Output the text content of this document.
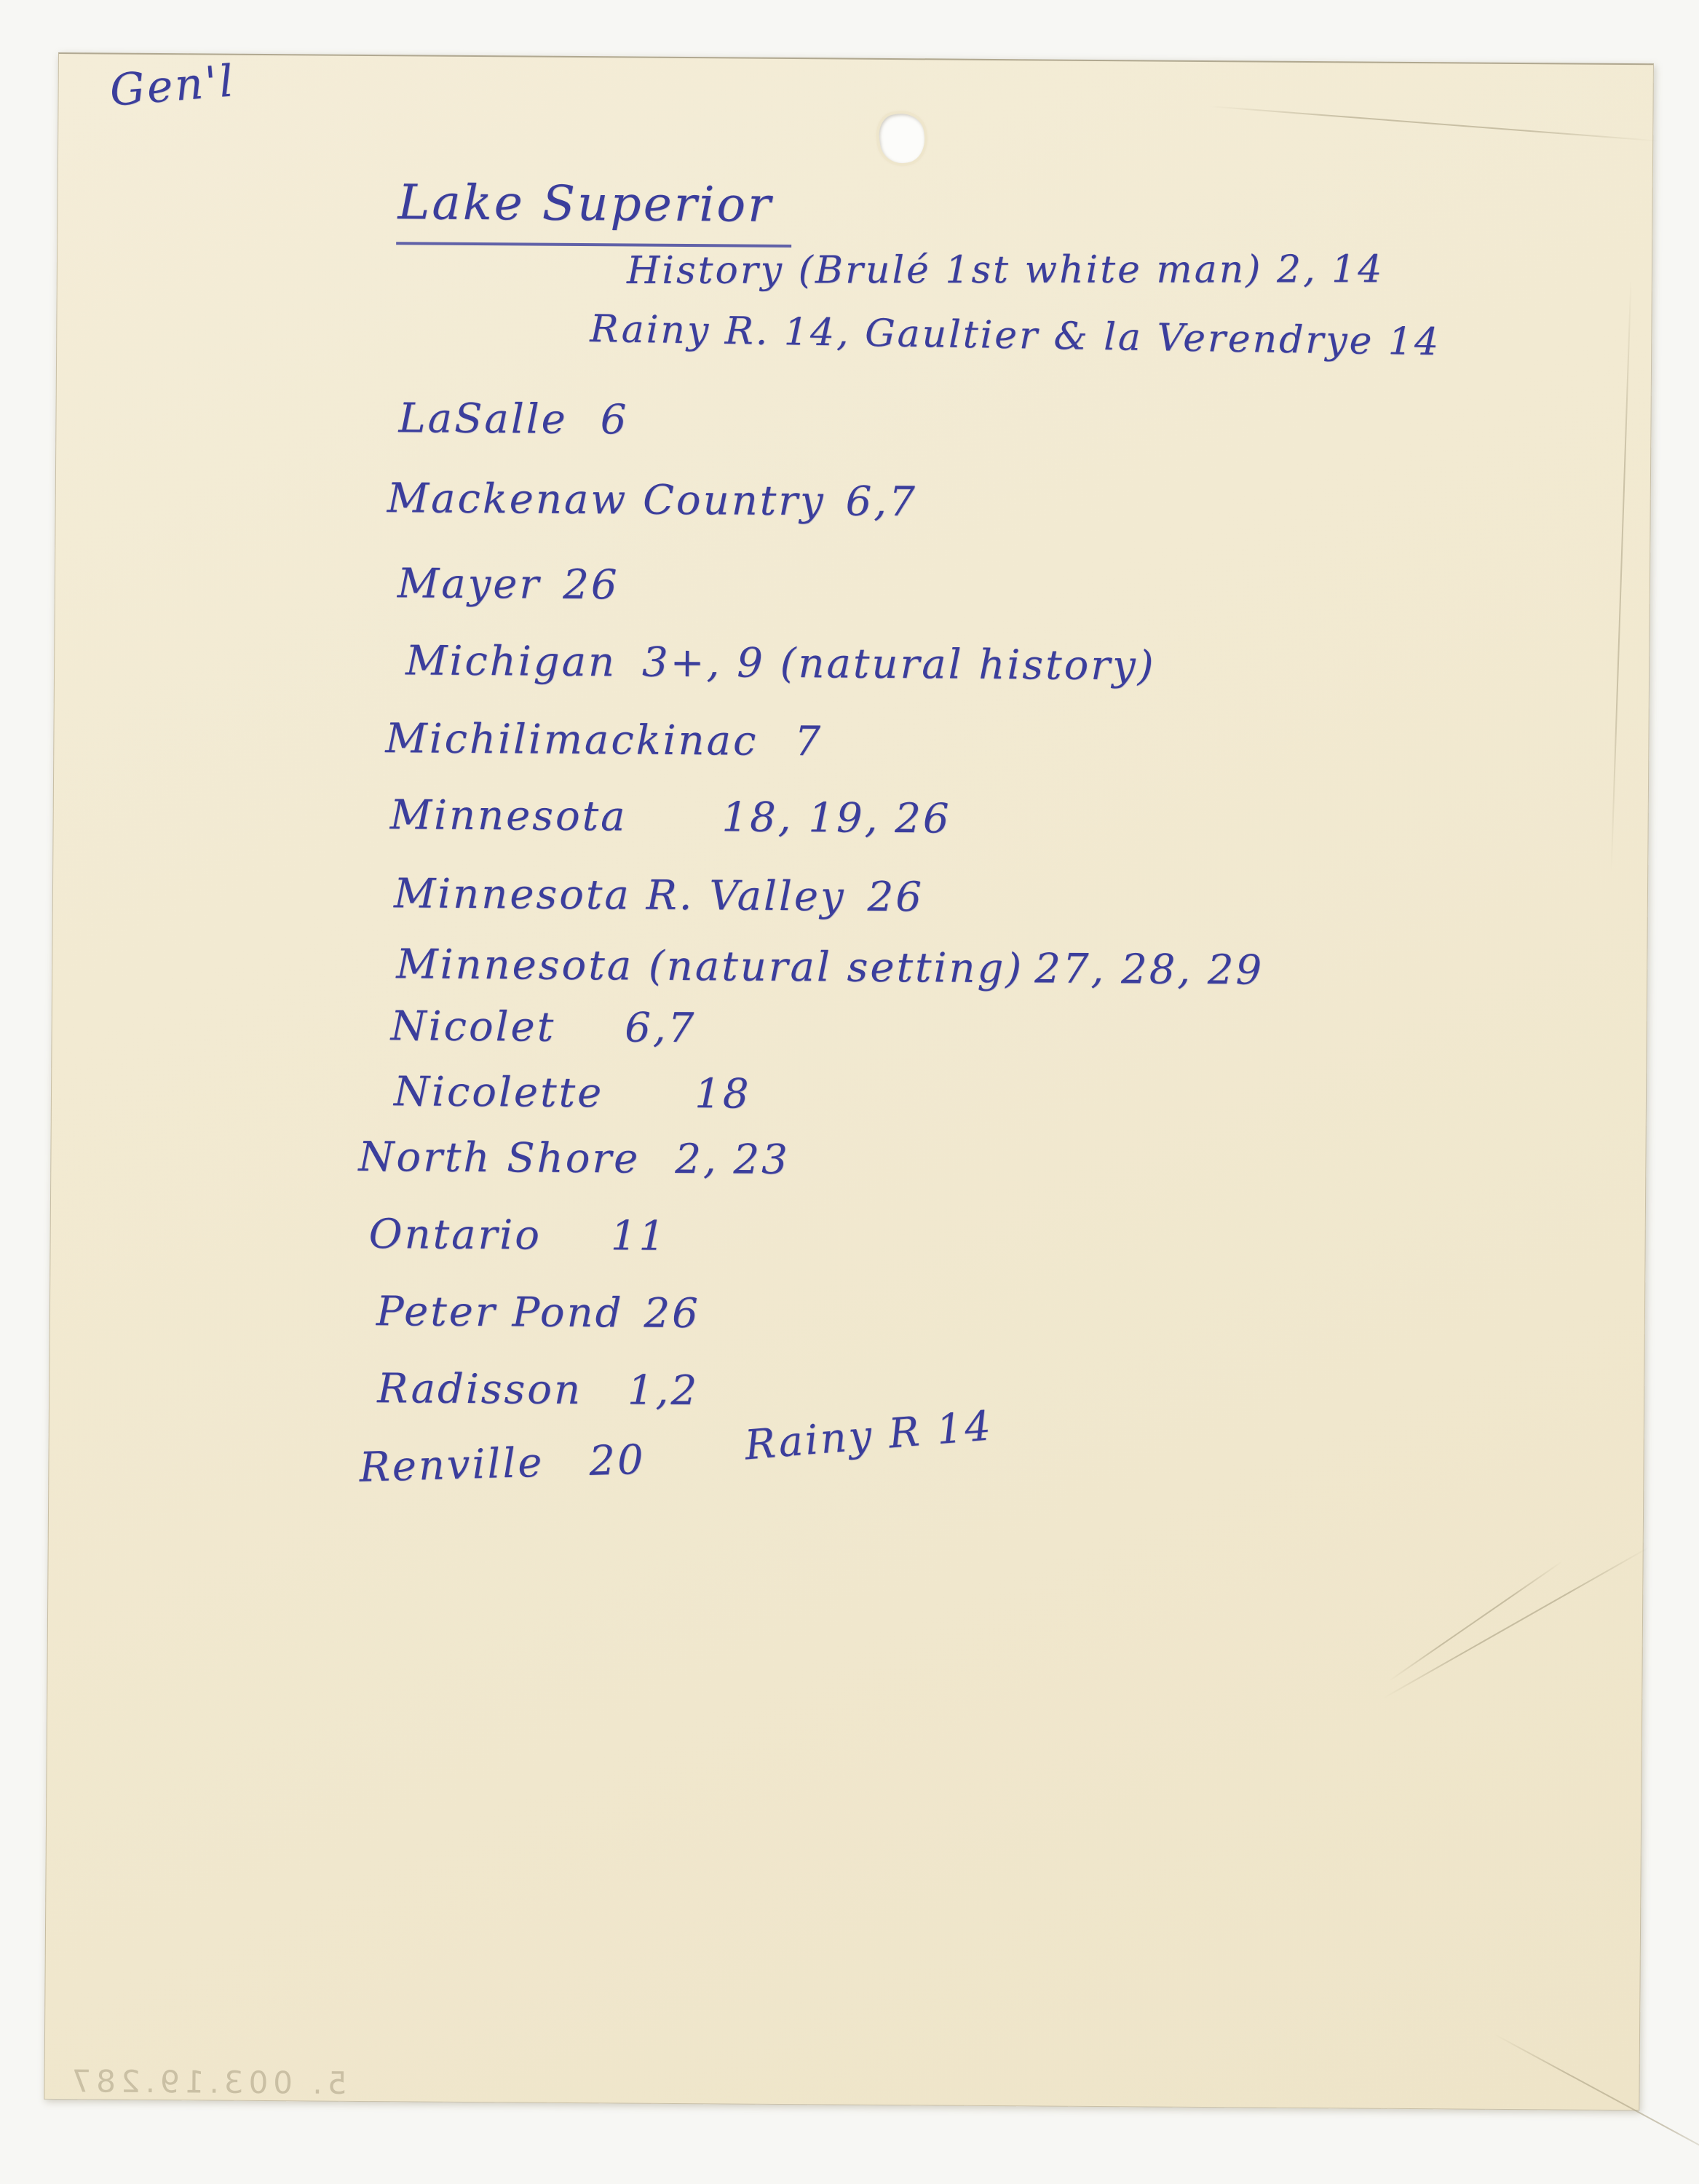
Gen'l
Lake Superior
History (Brulé 1st white man) 2, 14
Rainy R. 14, Gaultier & la Verendrye 14
LaSalle 6
Mackenaw Country 6,7
Mayer 26
Michigan 3+, 9 (natural history)
Michilimackinac 7
Minnesota 18, 19, 26
Minnesota R. Valley 26
Minnesota (natural setting) 27, 28, 29
Nicolet 6,7
Nicolette 18
North Shore 2, 23
Ontario 11
Peter Pond 26
Radisson 1,2
Renville 20 Rainy R 14
5. 003.19.287
